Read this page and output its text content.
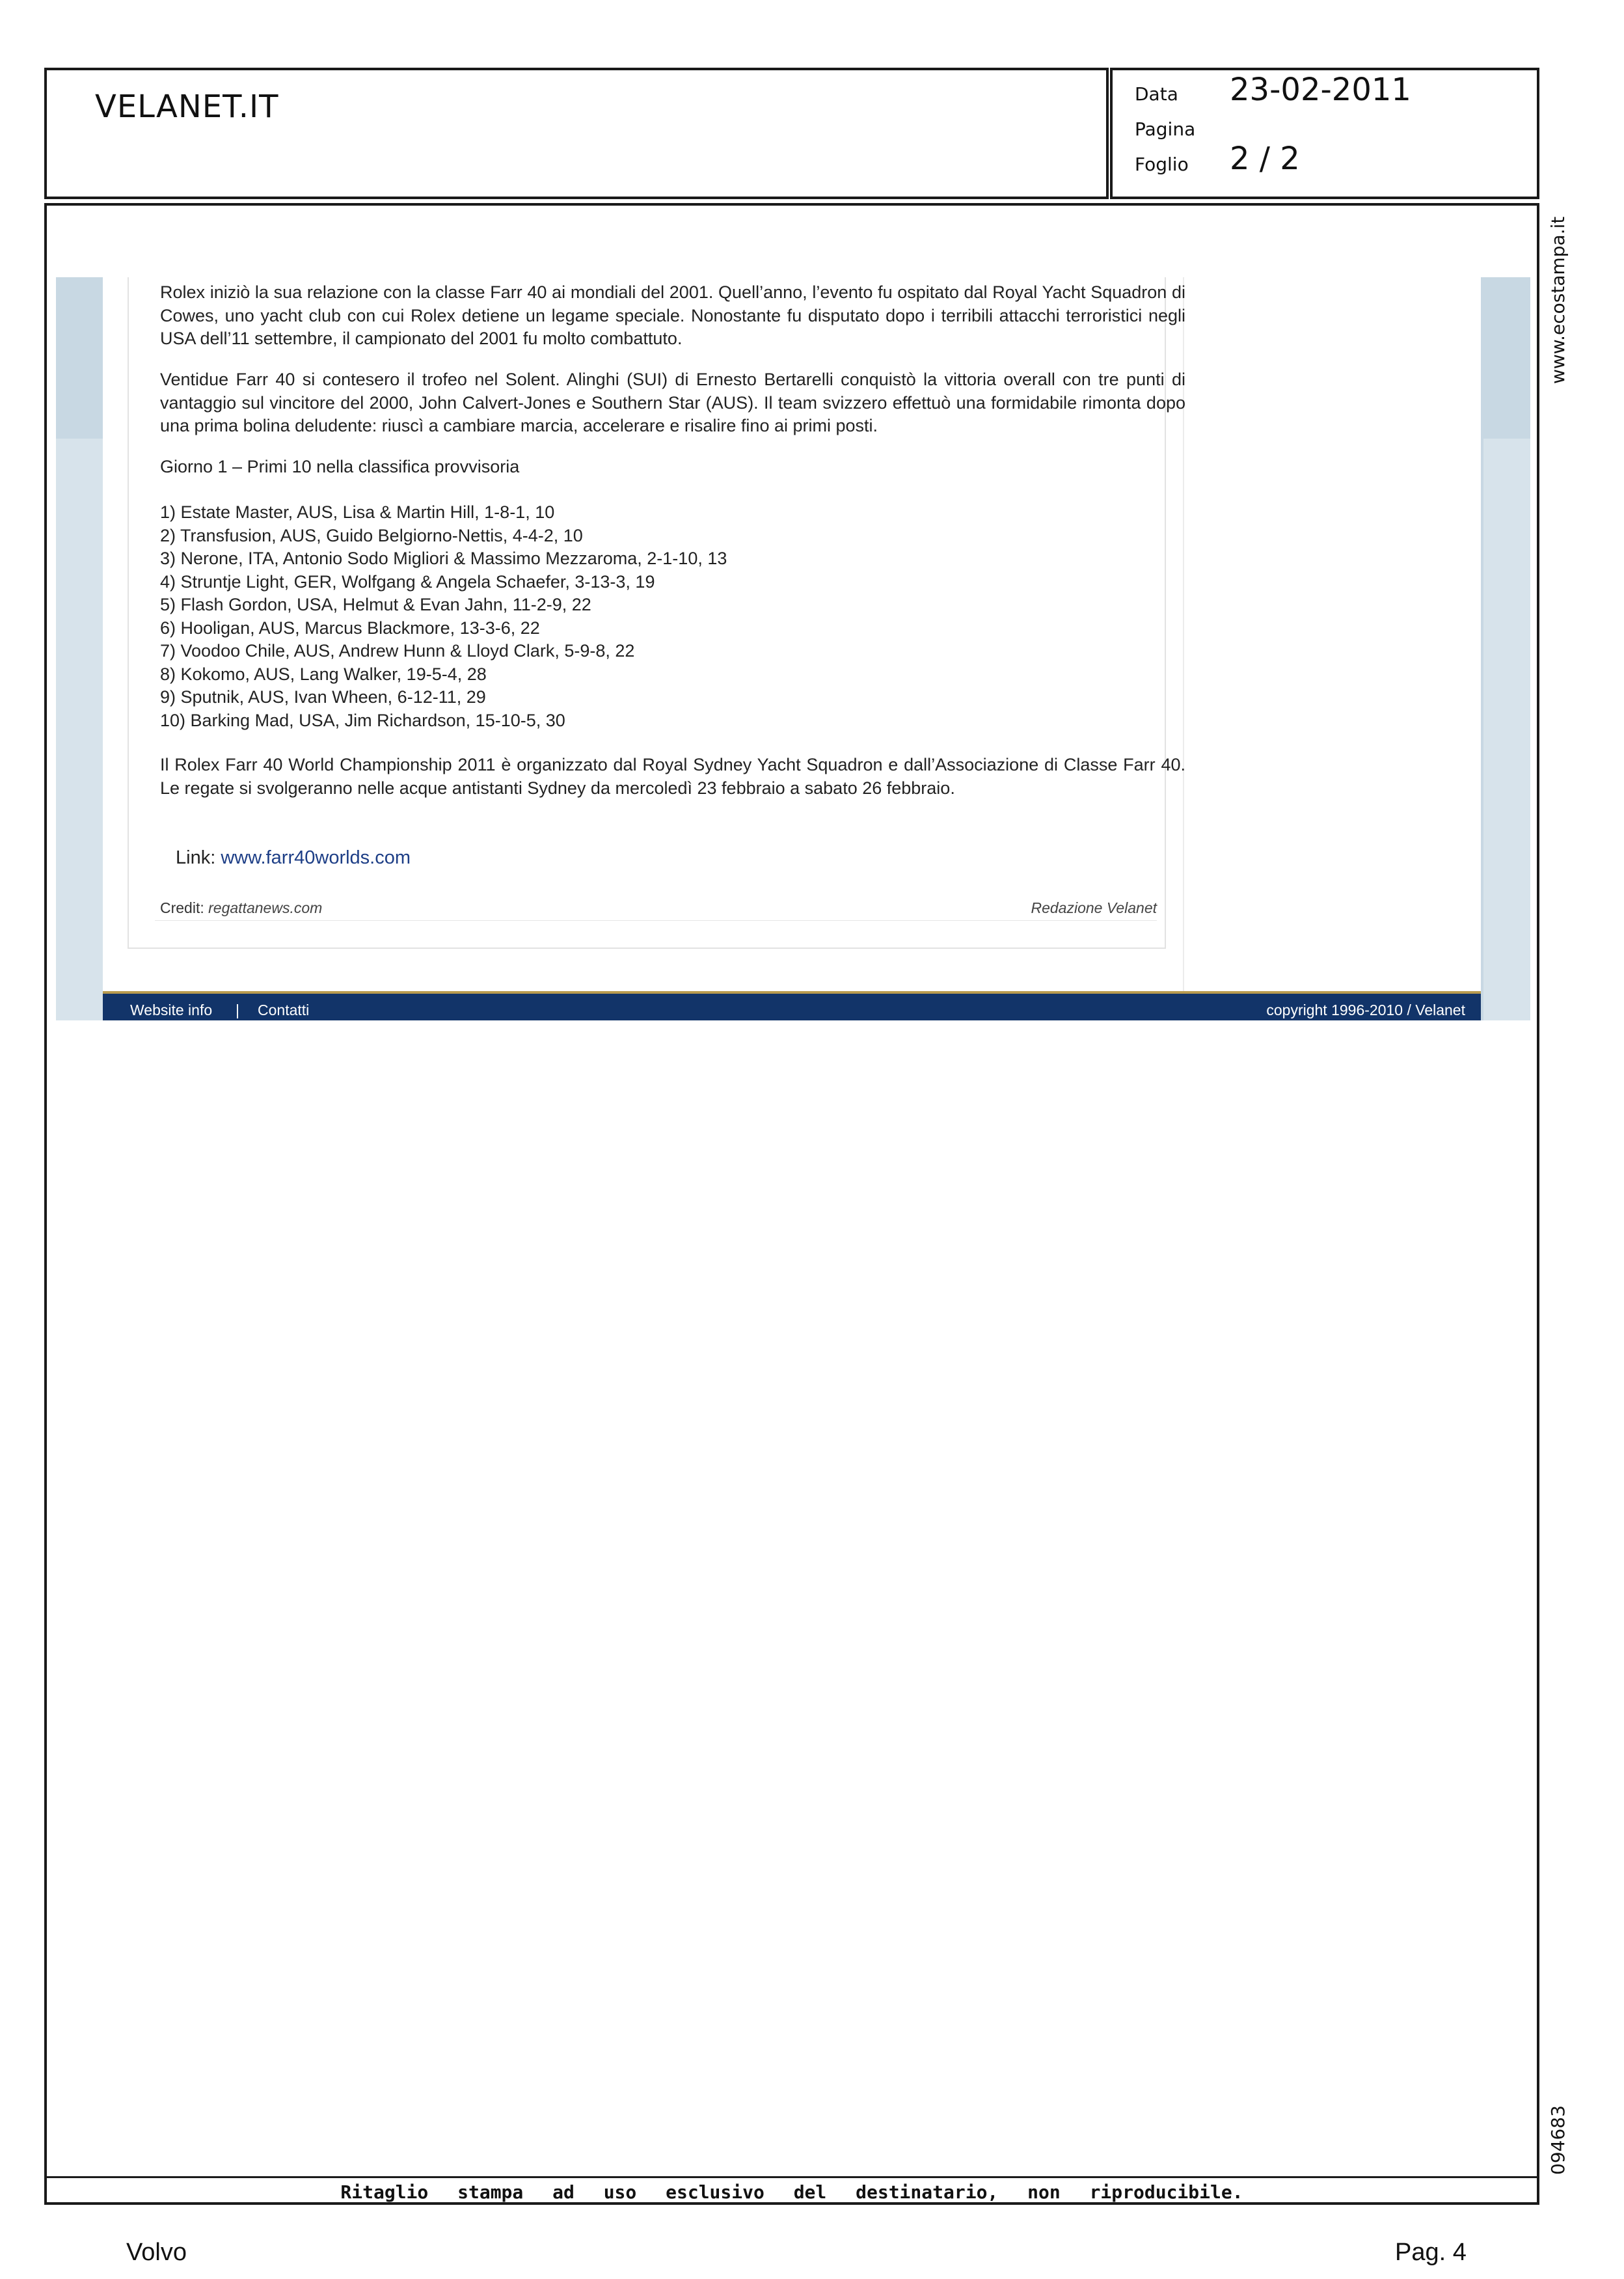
VELANET.IT	Data 23-02-2011
Pagina
Foglio 2 / 2
www.ecostampa.it
094683

Rolex iniziò la sua relazione con la classe Farr 40 ai mondiali del 2001. Quell’anno, l’evento fu ospitato dal Royal Yacht Squadron di Cowes, uno yacht club con cui Rolex detiene un legame speciale. Nonostante fu disputato dopo i terribili attacchi terroristici negli USA dell’11 settembre, il campionato del 2001 fu molto combattuto.

Ventidue Farr 40 si contesero il trofeo nel Solent. Alinghi (SUI) di Ernesto Bertarelli conquistò la vittoria overall con tre punti di vantaggio sul vincitore del 2000, John Calvert-Jones e Southern Star (AUS). Il team svizzero effettuò una formidabile rimonta dopo una prima bolina deludente: riuscì a cambiare marcia, accelerare e risalire fino ai primi posti.

Giorno 1 – Primi 10 nella classifica provvisoria

1) Estate Master, AUS, Lisa & Martin Hill, 1-8-1, 10
2) Transfusion, AUS, Guido Belgiorno-Nettis, 4-4-2, 10
3) Nerone, ITA, Antonio Sodo Migliori & Massimo Mezzaroma, 2-1-10, 13
4) Struntje Light, GER, Wolfgang & Angela Schaefer, 3-13-3, 19
5) Flash Gordon, USA, Helmut & Evan Jahn, 11-2-9, 22
6) Hooligan, AUS, Marcus Blackmore, 13-3-6, 22
7) Voodoo Chile, AUS, Andrew Hunn & Lloyd Clark, 5-9-8, 22
8) Kokomo, AUS, Lang Walker, 19-5-4, 28
9) Sputnik, AUS, Ivan Wheen, 6-12-11, 29
10) Barking Mad, USA, Jim Richardson, 15-10-5, 30

Il Rolex Farr 40 World Championship 2011 è organizzato dal Royal Sydney Yacht Squadron e dall’Associazione di Classe Farr 40. Le regate si svolgeranno nelle acque antistanti Sydney da mercoledì 23 febbraio a sabato 26 febbraio.

Link: www.farr40worlds.com
Credit: regattanews.com	Redazione Velanet
Website info | Contatti	copyright 1996-2010 / Velanet
Ritaglio stampa ad uso esclusivo del destinatario, non riproducibile.
Volvo	Pag. 4
